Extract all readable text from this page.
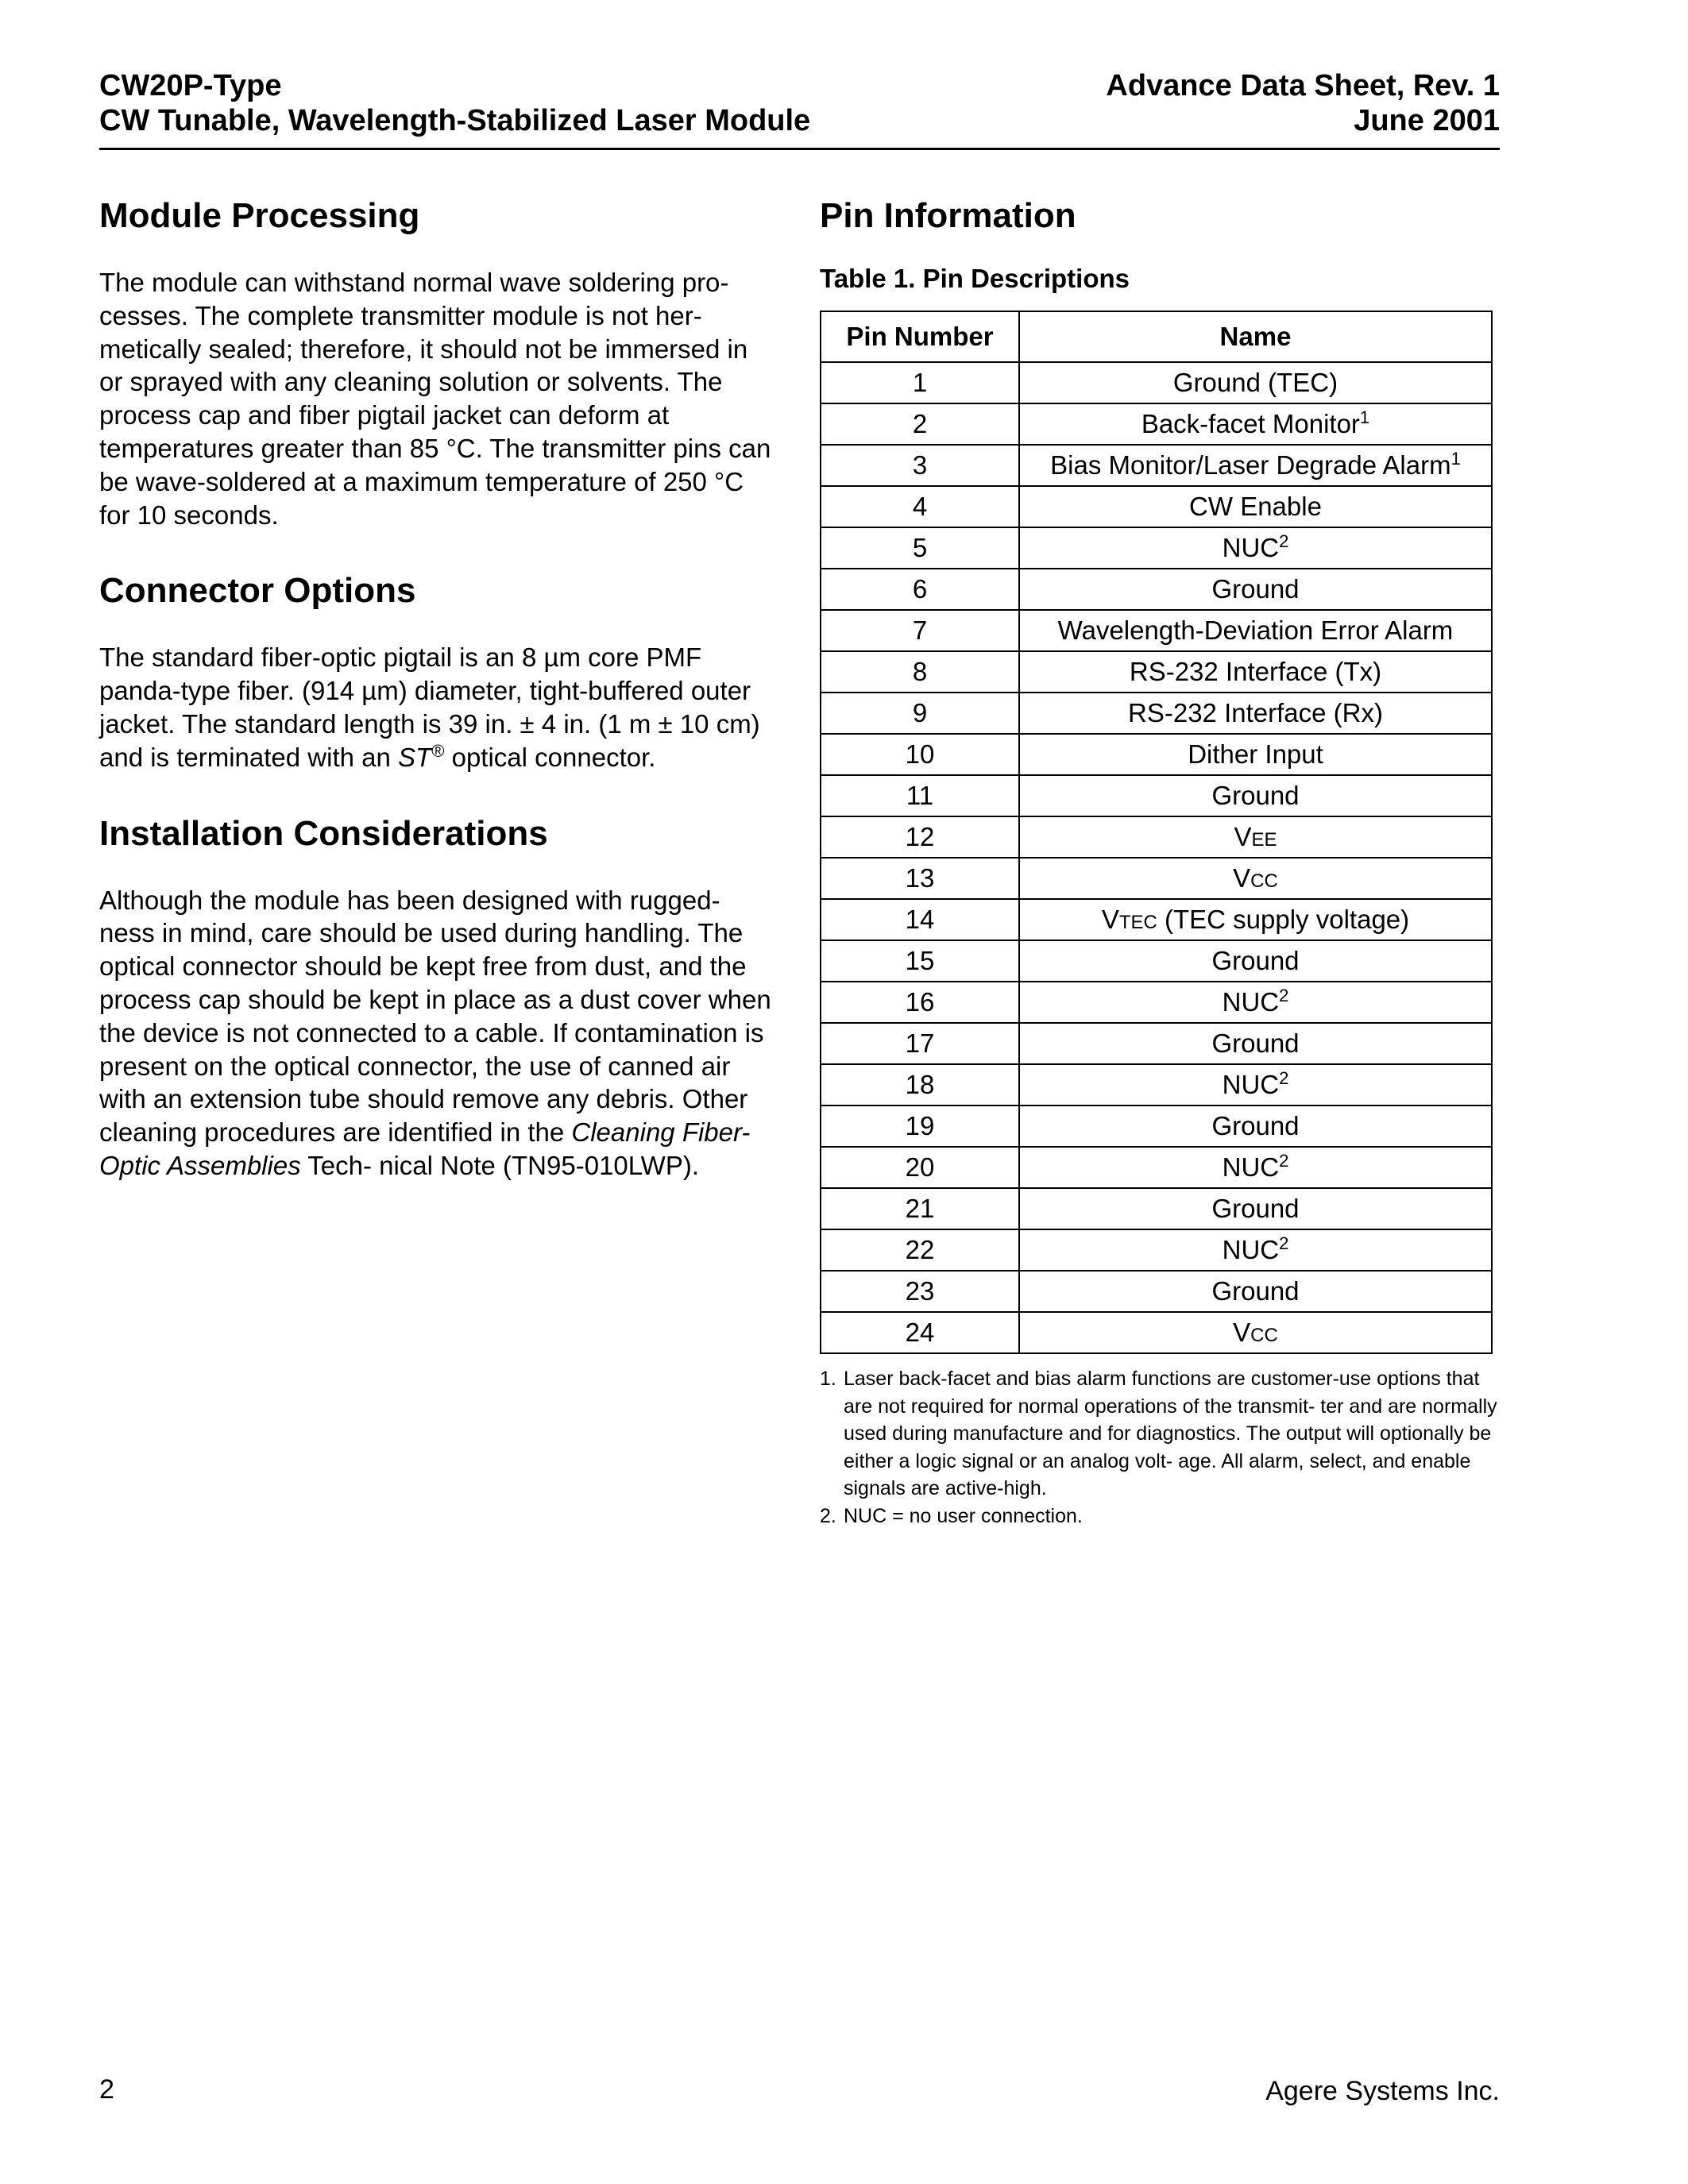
CW20P-Type
CW Tunable, Wavelength-Stabilized Laser Module
Advance Data Sheet, Rev. 1
June 2001
Module Processing

The module can withstand normal wave soldering pro- cesses. The complete transmitter module is not her- metically sealed; therefore, it should not be immersed in or sprayed with any cleaning solution or solvents. The process cap and fiber pigtail jacket can deform at temperatures greater than 85 °C. The transmitter pins can be wave-soldered at a maximum temperature of 250 °C for 10 seconds.

Connector Options

The standard fiber-optic pigtail is an 8 µm core PMF panda-type fiber. (914 µm) diameter, tight-buffered outer jacket. The standard length is 39 in. ± 4 in. (1 m ± 10 cm) and is terminated with an ST® optical connector.

Installation Considerations

Although the module has been designed with rugged- ness in mind, care should be used during handling. The optical connector should be kept free from dust, and the process cap should be kept in place as a dust cover when the device is not connected to a cable. If contamination is present on the optical connector, the use of canned air with an extension tube should remove any debris. Other cleaning procedures are identified in the Cleaning Fiber-Optic Assemblies Tech- nical Note (TN95-010LWP).

Pin Information

Table 1. Pin Descriptions

Pin Number	Name
1	Ground (TEC)
2	Back-facet Monitor$^1$
3	Bias Monitor/Laser Degrade Alarm$^1$
4	CW Enable
5	NUC$^2$
6	Ground
7	Wavelength-Deviation Error Alarm
8	RS-232 Interface (Tx)
9	RS-232 Interface (Rx)
10	Dither Input
11	Ground
12	VEE
13	VCC
14	VTEC (TEC supply voltage)
15	Ground
16	NUC$^2$
17	Ground
18	NUC$^2$
19	Ground
20	NUC$^2$
21	Ground
22	NUC$^2$
23	Ground
24	VCC
1. Laser back-facet and bias alarm functions are customer-use options that are not required for normal operations of the transmit- ter and are normally used during manufacture and for diagnostics. The output will optionally be either a logic signal or an analog volt- age. All alarm, select, and enable signals are active-high.
2. NUC = no user connection.
2	Agere Systems Inc.
